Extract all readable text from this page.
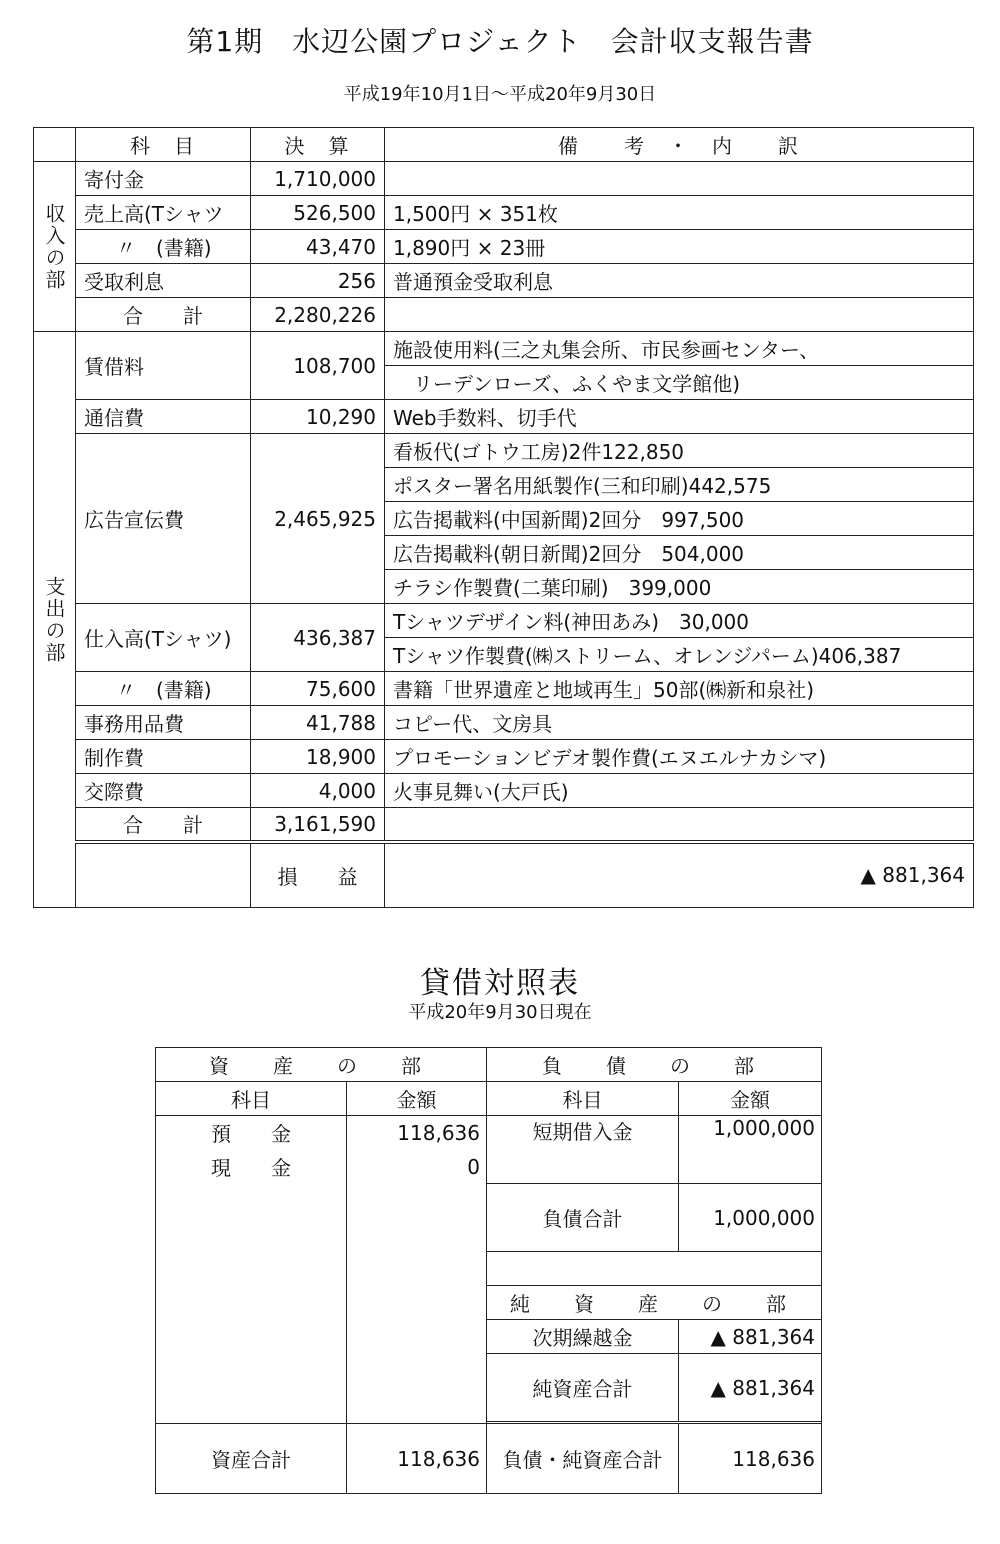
第1期　水辺公園プロジェクト　会計収支報告書
平成19年10月1日～平成20年9月30日
	科　目	決　算	備　　考　・　内　　訳	
収入の部	寄付金	1,710,000		
	売上高(Tシャツ	526,500	1,500円 × 351枚	
	〃　(書籍)	43,470	1,890円 × 23冊	
	受取利息	256	普通預金受取利息	
	合　　計	2,280,226		
支出の部	賃借料	108,700	施設使用料(三之丸集会所、市民参画センター、	
			　リーデンローズ、ふくやま文学館他)	
	通信費	10,290	Web手数料、切手代	
	広告宣伝費	2,465,925	看板代(ゴトウ工房)2件122,850	
			ポスター署名用紙製作(三和印刷)442,575	
			広告掲載料(中国新聞)2回分　997,500	
			広告掲載料(朝日新聞)2回分　504,000	
			チラシ作製費(二葉印刷)　399,000	
	仕入高(Tシャツ)	436,387	Tシャツデザイン料(神田あみ)　30,000	
			Tシャツ作製費(㈱ストリーム、オレンジパーム)406,387	
	〃　(書籍)	75,600	書籍「世界遺産と地域再生」50部(㈱新和泉社)	
	事務用品費	41,788	コピー代、文房具	
	制作費	18,900	プロモーションビデオ製作費(エヌエルナカシマ)	
	交際費	4,000	火事見舞い(大戸氏)	
	合　　計	3,161,590		
		損　　益	▲ 881,364	
貸借対照表
平成20年9月30日現在
資　産　の　部		負　債　の　部	
科目	金額	科目	金額
預　　金	118,636	短期借入金	1,000,000
現　　金	0		
		負債合計	1,000,000

		純　資　産　の　部	
		次期繰越金	▲ 881,364
		純資産合計	▲ 881,364

資産合計	118,636	負債・純資産合計	118,636
